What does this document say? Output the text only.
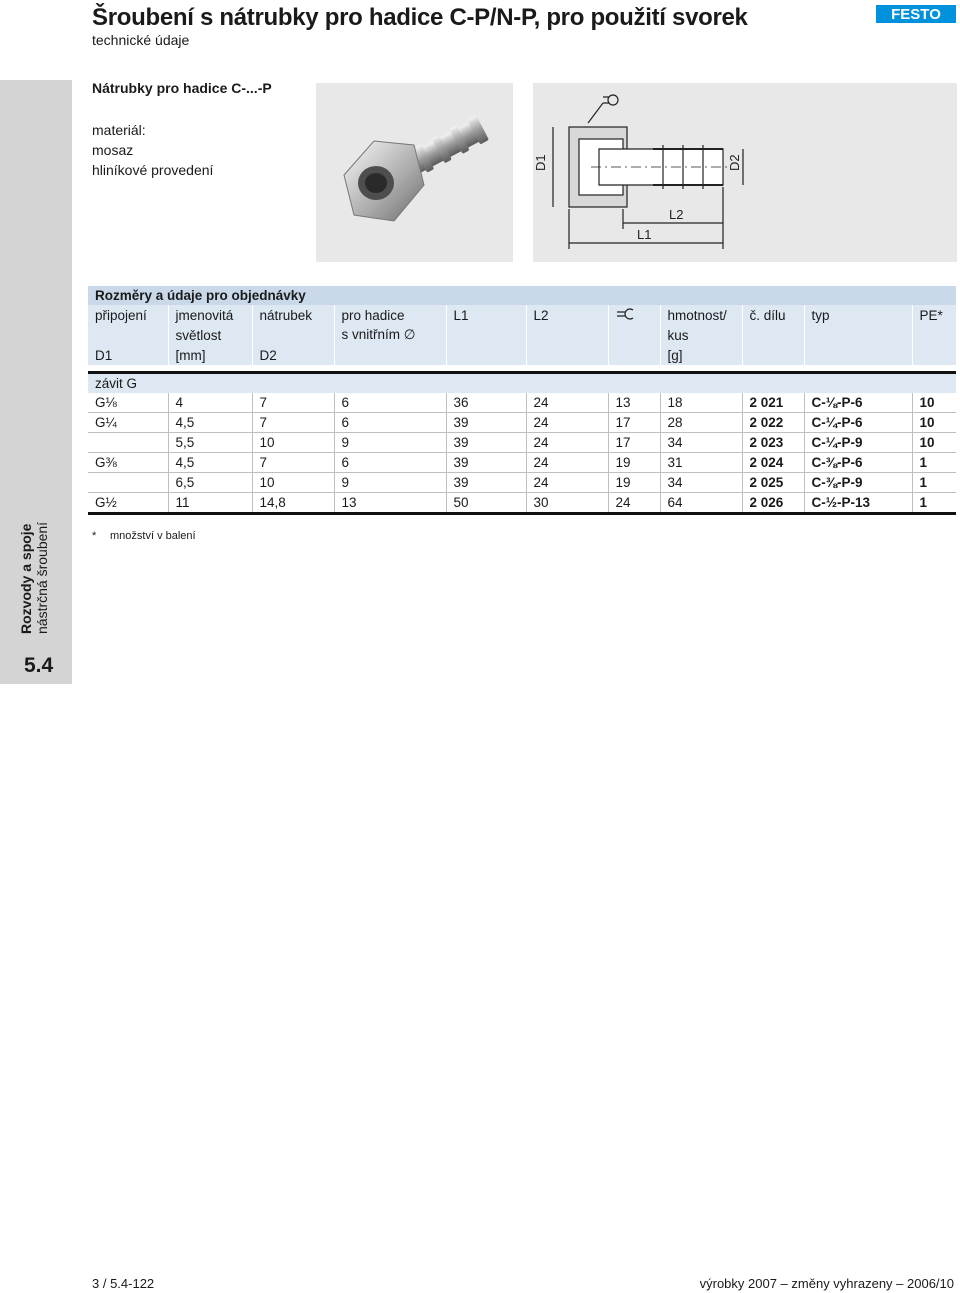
Šroubení s nátrubky pro hadice C-P/N-P, pro použití svorek
technické údaje
FESTO
Rozvody a spoje nástrčná šroubení
5.4
Nátrubky pro hadice C-...-P
materiál:
mosaz
hliníkové provedení	D1	D2
L2
L1
Rozměry a údaje pro objednávky										
připojení	jmenovitá	nátrubek	pro hadice	L1	L2		hmotnost/	č. dílu	typ	PE*
	světlost		s vnitřním ∅				kus			
D1	[mm]	D2					[g]			

závit G										
G⅛	4	7	6	36	24	13	18	2 021	C-⅛-P-6	10
G¼	4,5	7	6	39	24	17	28	2 022	C-¼-P-6	10
	5,5	10	9	39	24	17	34	2 023	C-¼-P-9	10
G⅜	4,5	7	6	39	24	19	31	2 024	C-⅜-P-6	1
	6,5	10	9	39	24	19	34	2 025	C-⅜-P-9	1
G½	11	14,8	13	50	30	24	64	2 026	C-½-P-13	1
* množství v balení
3 / 5.4-122	výrobky 2007 – změny vyhrazeny – 2006/10
